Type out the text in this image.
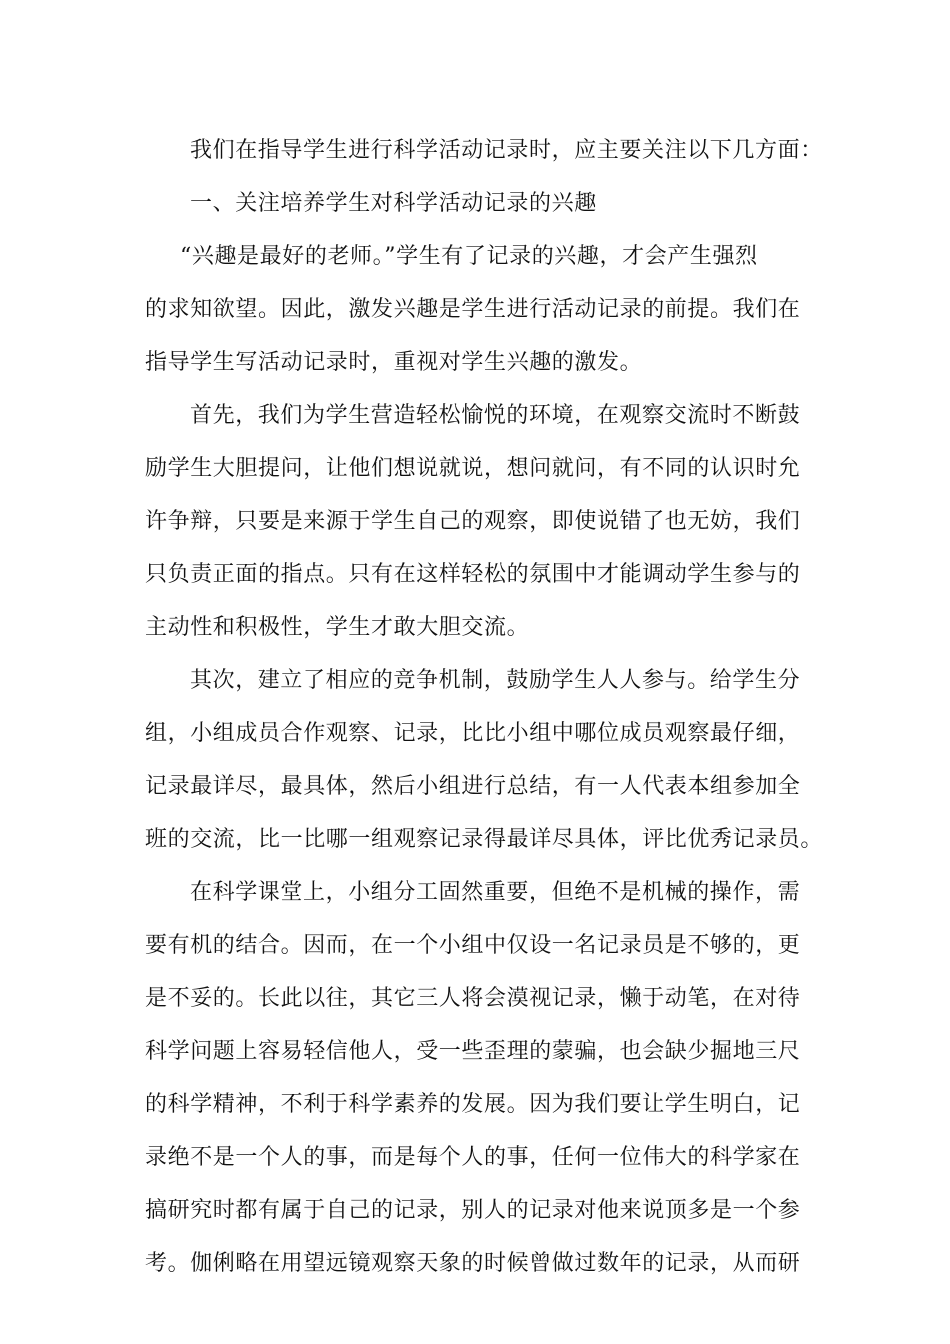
我们在指导学生进行科学活动记录时，应主要关注以下几方面：
一、关注培养学生对科学活动记录的兴趣
“兴趣是最好的老师。”学生有了记录的兴趣，才会产生强烈
的求知欲望。因此，激发兴趣是学生进行活动记录的前提。我们在
指导学生写活动记录时，重视对学生兴趣的激发。
首先，我们为学生营造轻松愉悦的环境，在观察交流时不断鼓
励学生大胆提问，让他们想说就说，想问就问，有不同的认识时允
许争辩，只要是来源于学生自己的观察，即使说错了也无妨，我们
只负责正面的指点。只有在这样轻松的氛围中才能调动学生参与的
主动性和积极性，学生才敢大胆交流。
其次，建立了相应的竞争机制，鼓励学生人人参与。给学生分
组，小组成员合作观察、记录，比比小组中哪位成员观察最仔细，
记录最详尽，最具体，然后小组进行总结，有一人代表本组参加全
班的交流，比一比哪一组观察记录得最详尽具体，评比优秀记录员。
在科学课堂上，小组分工固然重要，但绝不是机械的操作，需
要有机的结合。因而，在一个小组中仅设一名记录员是不够的，更
是不妥的。长此以往，其它三人将会漠视记录，懒于动笔，在对待
科学问题上容易轻信他人，受一些歪理的蒙骗，也会缺少掘地三尺
的科学精神，不利于科学素养的发展。因为我们要让学生明白，记
录绝不是一个人的事，而是每个人的事，任何一位伟大的科学家在
搞研究时都有属于自己的记录，别人的记录对他来说顶多是一个参
考。伽俐略在用望远镜观察天象的时候曾做过数年的记录，从而研
